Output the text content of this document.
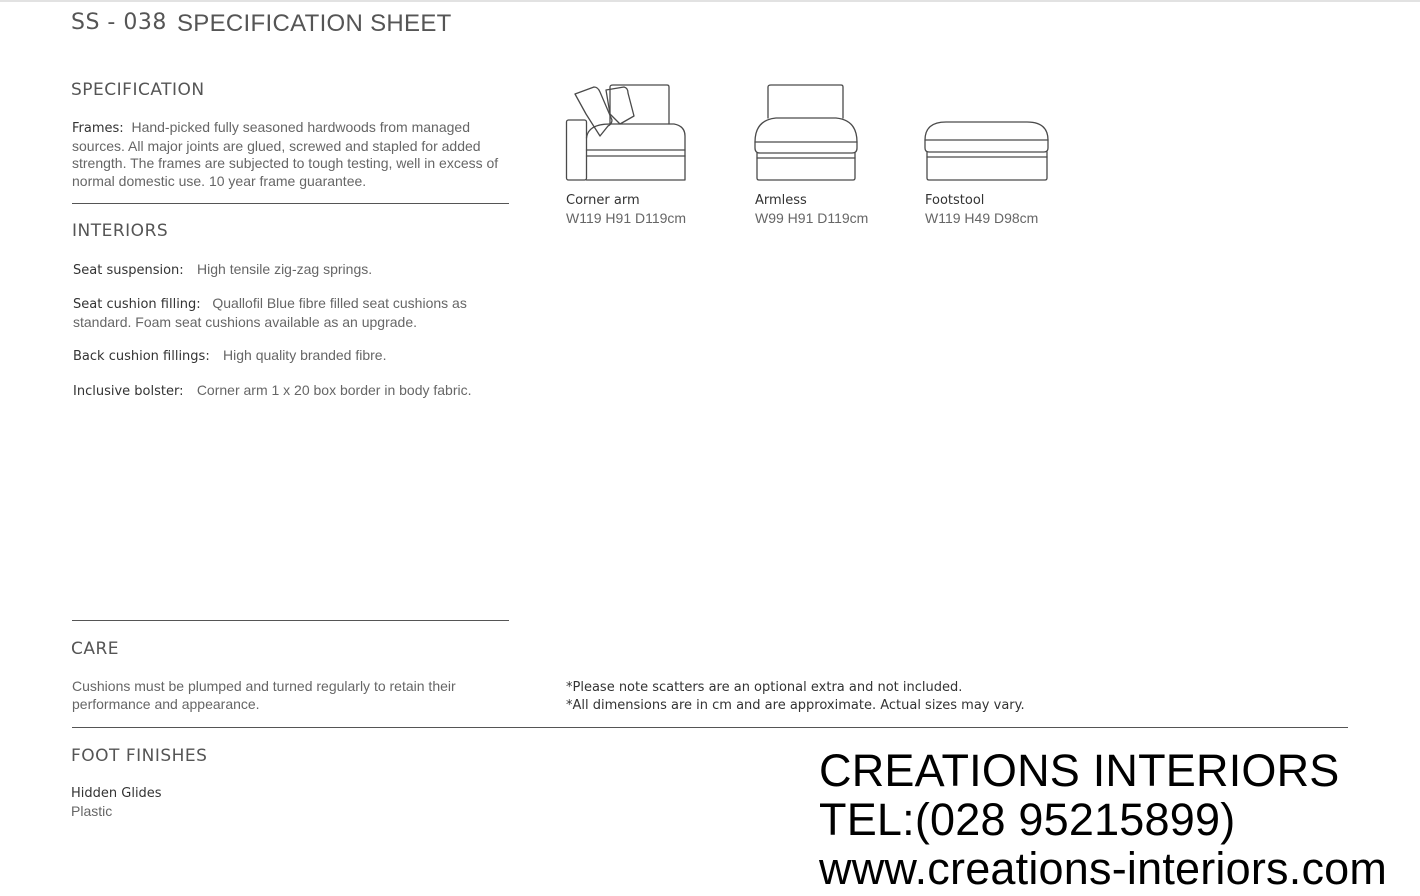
SS - 038 SPECIFICATION SHEET
SPECIFICATION
Frames: Hand-picked fully seasoned hardwoods from managed sources. All major joints are glued, screwed and stapled for added strength. The frames are subjected to tough testing, well in excess of normal domestic use. 10 year frame guarantee.
INTERIORS
Seat suspension: High tensile zig-zag springs.
Seat cushion filling: Quallofil Blue fibre filled seat cushions as standard. Foam seat cushions available as an upgrade.
Back cushion fillings: High quality branded fibre.
Inclusive bolster: Corner arm 1 x 20 box border in body fabric.
Corner arm
W119 H91 D119cm
Armless
W99 H91 D119cm
Footstool
W119 H49 D98cm
CARE
Cushions must be plumped and turned regularly to retain their performance and appearance.
*Please note scatters are an optional extra and not included.
*All dimensions are in cm and are approximate. Actual sizes may vary.
FOOT FINISHES
Hidden Glides
Plastic
CREATIONS INTERIORS
TEL:(028 95215899)
www.creations-interiors.com
